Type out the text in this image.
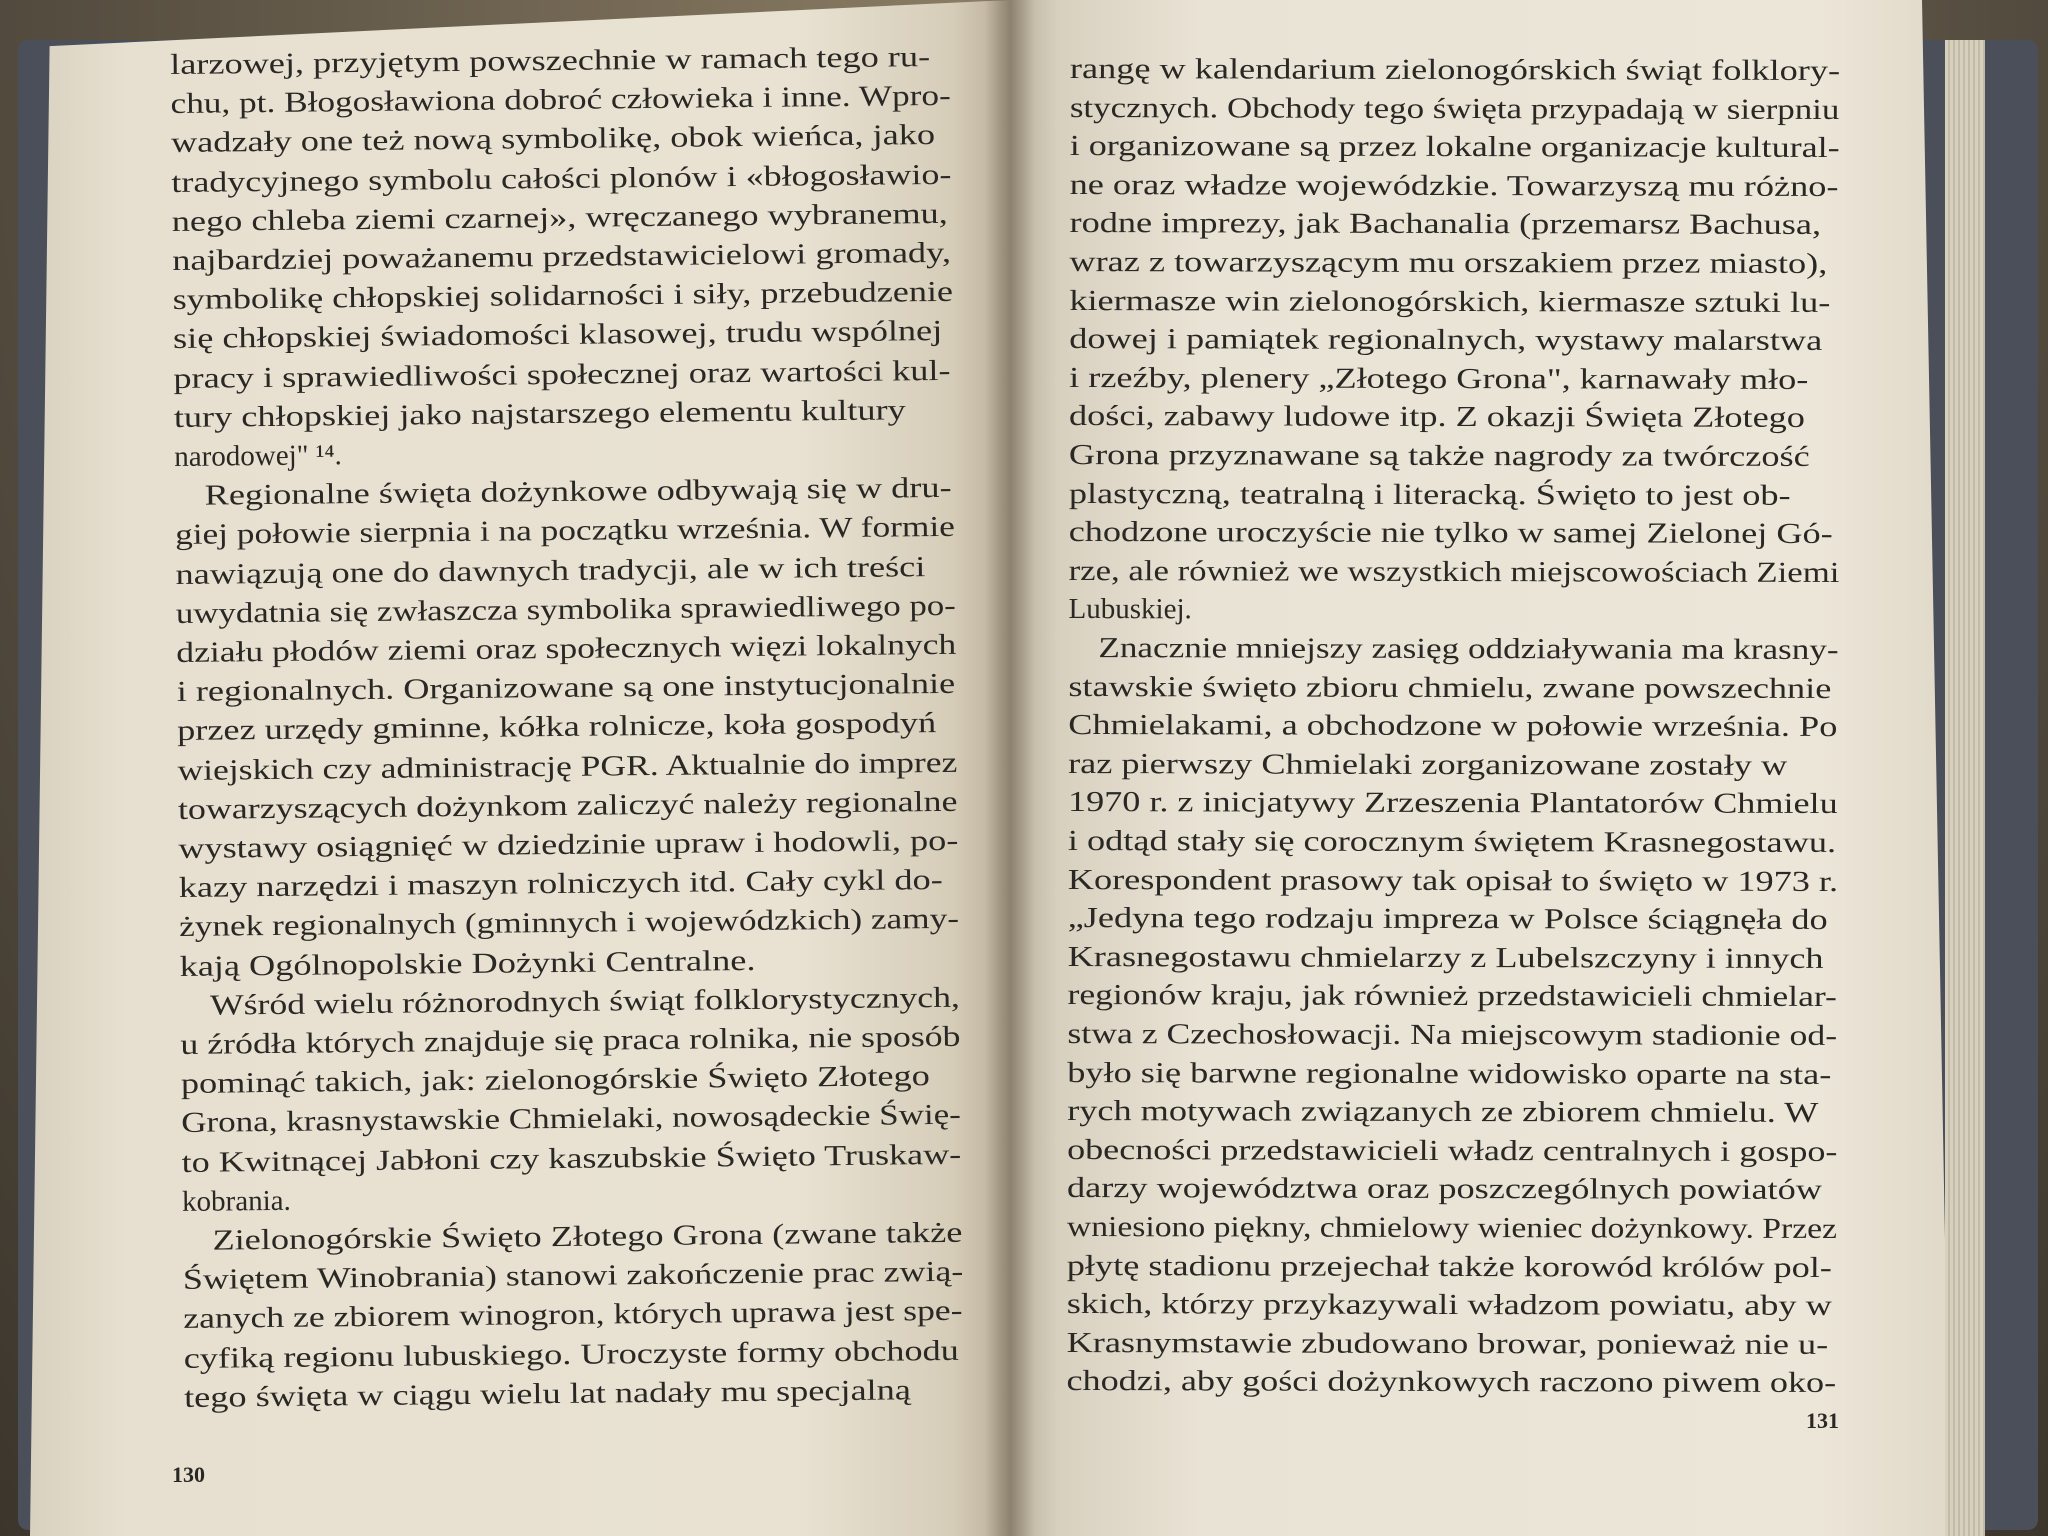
larzowej, przyjętym powszechnie w ramach tego ru-
chu, pt. Błogosławiona dobroć człowieka i inne. Wpro-
wadzały one też nową symbolikę, obok wieńca, jako
tradycyjnego symbolu całości plonów i «błogosławio-
nego chleba ziemi czarnej», wręczanego wybranemu,
najbardziej poważanemu przedstawicielowi gromady,
symbolikę chłopskiej solidarności i siły, przebudzenie
się chłopskiej świadomości klasowej, trudu wspólnej
pracy i sprawiedliwości społecznej oraz wartości kul-
tury chłopskiej jako najstarszego elementu kultury
narodowej" ¹⁴.
Regionalne święta dożynkowe odbywają się w dru-
giej połowie sierpnia i na początku września. W formie
nawiązują one do dawnych tradycji, ale w ich treści
uwydatnia się zwłaszcza symbolika sprawiedliwego po-
działu płodów ziemi oraz społecznych więzi lokalnych
i regionalnych. Organizowane są one instytucjonalnie
przez urzędy gminne, kółka rolnicze, koła gospodyń
wiejskich czy administrację PGR. Aktualnie do imprez
towarzyszących dożynkom zaliczyć należy regionalne
wystawy osiągnięć w dziedzinie upraw i hodowli, po-
kazy narzędzi i maszyn rolniczych itd. Cały cykl do-
żynek regionalnych (gminnych i wojewódzkich) zamy-
kają Ogólnopolskie Dożynki Centralne.
Wśród wielu różnorodnych świąt folklorystycznych,
u źródła których znajduje się praca rolnika, nie sposób
pominąć takich, jak: zielonogórskie Święto Złotego
Grona, krasnystawskie Chmielaki, nowosądeckie Świę-
to Kwitnącej Jabłoni czy kaszubskie Święto Truskaw-
kobrania.
Zielonogórskie Święto Złotego Grona (zwane także
Świętem Winobrania) stanowi zakończenie prac zwią-
zanych ze zbiorem winogron, których uprawa jest spe-
cyfiką regionu lubuskiego. Uroczyste formy obchodu
tego święta w ciągu wielu lat nadały mu specjalną
rangę w kalendarium zielonogórskich świąt folklory-
stycznych. Obchody tego święta przypadają w sierpniu
i organizowane są przez lokalne organizacje kultural-
ne oraz władze wojewódzkie. Towarzyszą mu różno-
rodne imprezy, jak Bachanalia (przemarsz Bachusa,
wraz z towarzyszącym mu orszakiem przez miasto),
kiermasze win zielonogórskich, kiermasze sztuki lu-
dowej i pamiątek regionalnych, wystawy malarstwa
i rzeźby, plenery „Złotego Grona", karnawały mło-
dości, zabawy ludowe itp. Z okazji Święta Złotego
Grona przyznawane są także nagrody za twórczość
plastyczną, teatralną i literacką. Święto to jest ob-
chodzone uroczyście nie tylko w samej Zielonej Gó-
rze, ale również we wszystkich miejscowościach Ziemi
Lubuskiej.
Znacznie mniejszy zasięg oddziaływania ma krasny-
stawskie święto zbioru chmielu, zwane powszechnie
Chmielakami, a obchodzone w połowie września. Po
raz pierwszy Chmielaki zorganizowane zostały w
1970 r. z inicjatywy Zrzeszenia Plantatorów Chmielu
i odtąd stały się corocznym świętem Krasnegostawu.
Korespondent prasowy tak opisał to święto w 1973 r.
„Jedyna tego rodzaju impreza w Polsce ściągnęła do
Krasnegostawu chmielarzy z Lubelszczyny i innych
regionów kraju, jak również przedstawicieli chmielar-
stwa z Czechosłowacji. Na miejscowym stadionie od-
było się barwne regionalne widowisko oparte na sta-
rych motywach związanych ze zbiorem chmielu. W
obecności przedstawicieli władz centralnych i gospo-
darzy województwa oraz poszczególnych powiatów
wniesiono piękny, chmielowy wieniec dożynkowy. Przez
płytę stadionu przejechał także korowód królów pol-
skich, którzy przykazywali władzom powiatu, aby w
Krasnymstawie zbudowano browar, ponieważ nie u-
chodzi, aby gości dożynkowych raczono piwem oko-
130
131
